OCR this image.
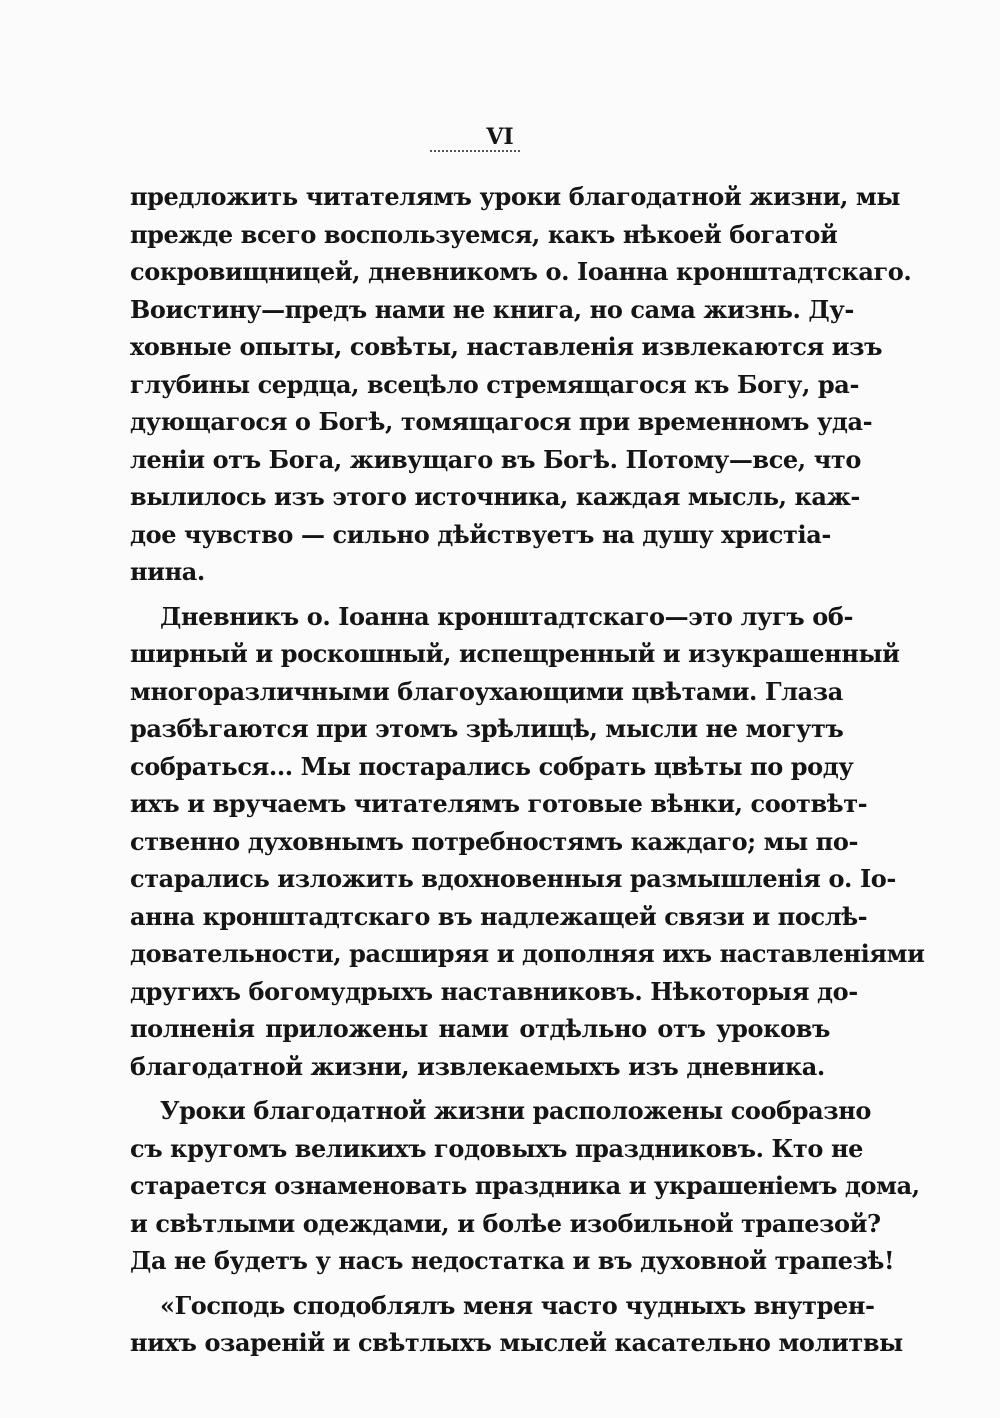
VI
предложить читателямъ уроки благодатной жизни, мы
прежде всего воспользуемся, какъ нѣкоей богатой
сокровищницей, дневникомъ о. Іоанна кронштадтскаго.
Воистину—предъ нами не книга, но сама жизнь. Ду-
ховные опыты, совѣты, наставленія извлекаются изъ
глубины сердца, всецѣло стремящагося къ Богу, ра-
дующагося о Богѣ, томящагося при временномъ уда-
леніи отъ Бога, живущаго въ Богѣ. Потому—все, что
вылилось изъ этого источника, каждая мысль, каж-
дое чувство — сильно дѣйствуетъ на душу христіа-
нина.
Дневникъ о. Іоанна кронштадтскаго—это лугъ об-
ширный и роскошный, испещренный и изукрашенный
многоразличными благоухающими цвѣтами. Глаза
разбѣгаются при этомъ зрѣлищѣ, мысли не могутъ
собраться... Мы постарались собрать цвѣты по роду
ихъ и вручаемъ читателямъ готовые вѣнки, соотвѣт-
ственно духовнымъ потребностямъ каждаго; мы по-
старались изложить вдохновенныя размышленія о. Іо-
анна кронштадтскаго въ надлежащей связи и послѣ-
довательности, расширяя и дополняя ихъ наставленіями
другихъ богомудрыхъ наставниковъ. Нѣкоторыя до-
полненія приложены нами отдѣльно отъ уроковъ
благодатной жизни, извлекаемыхъ изъ дневника.
Уроки благодатной жизни расположены сообразно
съ кругомъ великихъ годовыхъ праздниковъ. Кто не
старается ознаменовать праздника и украшеніемъ дома,
и свѣтлыми одеждами, и болѣе изобильной трапезой?
Да не будетъ у насъ недостатка и въ духовной трапезѣ!
«Господь сподоблялъ меня часто чудныхъ внутрен-
нихъ озареній и свѣтлыхъ мыслей касательно молитвы
